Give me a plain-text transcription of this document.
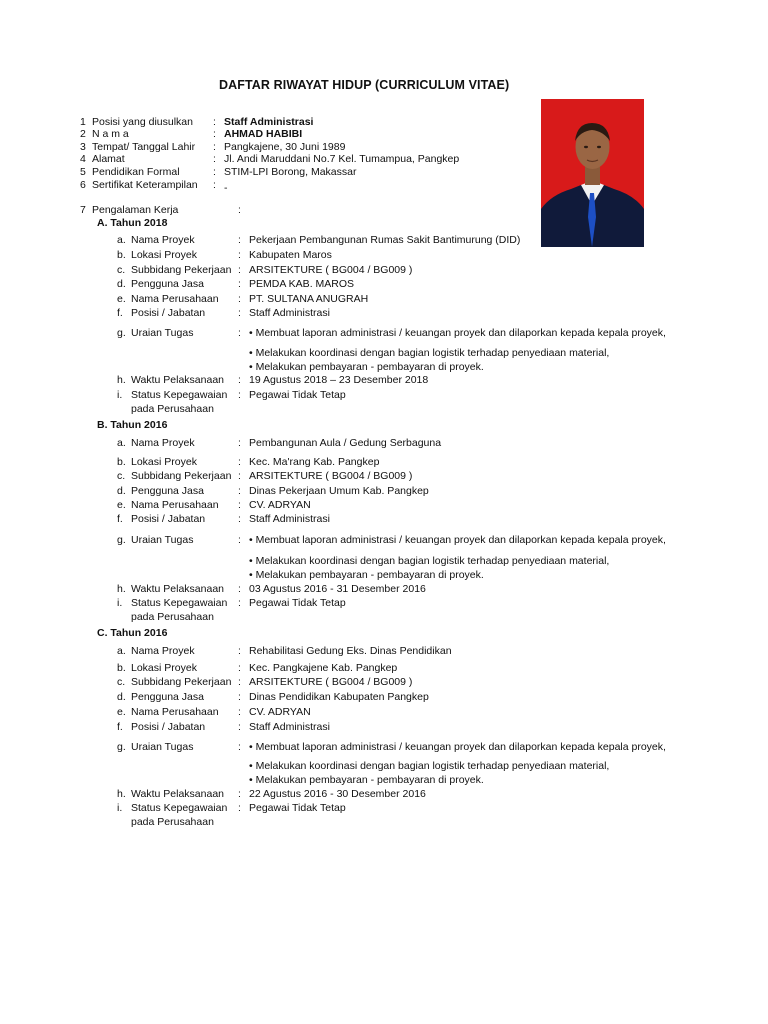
DAFTAR RIWAYAT HIDUP (CURRICULUM VITAE)
1 Posisi yang diusulkan : Staff Administrasi
2 N a m a	: AHMAD HABIBI
3 Tempat/ Tanggal Lahir : Pangkajene, 30 Juni 1989
4 Alamat	: Jl. Andi Maruddani No.7 Kel. Tumampua, Pangkep
5 Pendidikan Formal	: STIM-LPI Borong, Makassar
6 Sertifikat Keterampilan : -
7 Pengalaman Kerja	:
A. Tahun 2018
a. Nama Proyek	: Pekerjaan Pembangunan Rumas Sakit Bantimurung (DID)
b. Lokasi Proyek	: Kabupaten Maros
c. Subbidang Pekerjaan : ARSITEKTURE ( BG004 / BG009 )
d. Pengguna Jasa	: PEMDA KAB. MAROS
e. Nama Perusahaan : PT. SULTANA ANUGRAH
f. Posisi / Jabatan	: Staff Administrasi
g. Uraian Tugas	: • Membuat laporan administrasi / keuangan proyek dan dilaporkan kepada kepala proyek,
• Melakukan koordinasi dengan bagian logistik terhadap penyediaan material,
• Melakukan pembayaran - pembayaran di proyek.
h. Waktu Pelaksanaan : 19 Agustus 2018 – 23 Desember 2018
i. Status Kepegawaian
pada Perusahaan
: Pegawai Tidak Tetap
B. Tahun 2016
a. Nama Proyek	: Pembangunan Aula / Gedung Serbaguna
b. Lokasi Proyek	: Kec. Ma'rang Kab. Pangkep
c. Subbidang Pekerjaan : ARSITEKTURE ( BG004 / BG009 )
d. Pengguna Jasa	: Dinas Pekerjaan Umum Kab. Pangkep
e. Nama Perusahaan : CV. ADRYAN
f. Posisi / Jabatan	: Staff Administrasi
g. Uraian Tugas	: • Membuat laporan administrasi / keuangan proyek dan dilaporkan kepada kepala proyek,
• Melakukan koordinasi dengan bagian logistik terhadap penyediaan material,
• Melakukan pembayaran - pembayaran di proyek.
h. Waktu Pelaksanaan : 03 Agustus 2016 - 31 Desember 2016
i. Status Kepegawaian
pada Perusahaan
: Pegawai Tidak Tetap
C. Tahun 2016
a. Nama Proyek	: Rehabilitasi Gedung Eks. Dinas Pendidikan
b. Lokasi Proyek	: Kec. Pangkajene Kab. Pangkep
c. Subbidang Pekerjaan : ARSITEKTURE ( BG004 / BG009 )
d. Pengguna Jasa	: Dinas Pendidikan Kabupaten Pangkep
e. Nama Perusahaan : CV. ADRYAN
f. Posisi / Jabatan	: Staff Administrasi
g. Uraian Tugas	: • Membuat laporan administrasi / keuangan proyek dan dilaporkan kepada kepala proyek,
• Melakukan koordinasi dengan bagian logistik terhadap penyediaan material,
• Melakukan pembayaran - pembayaran di proyek.
h. Waktu Pelaksanaan : 22 Agustus 2016 - 30 Desember 2016
i. Status Kepegawaian
pada Perusahaan
: Pegawai Tidak Tetap
